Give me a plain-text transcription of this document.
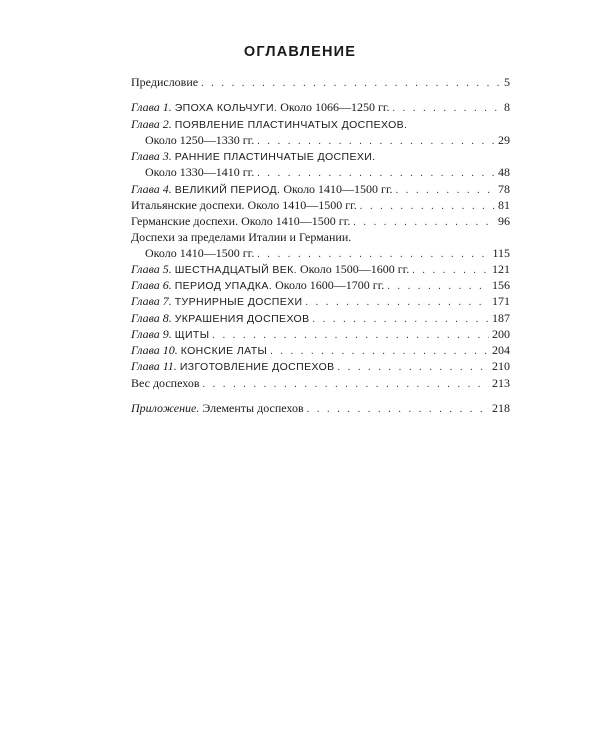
ОГЛАВЛЕНИЕ
Предисловие . . .	5
Глава 1. ЭПОХА КОЛЬЧУГИ. Около 1066—1250 гг. . . .	8
Глава 2. ПОЯВЛЕНИЕ ПЛАСТИНЧАТЫХ ДОСПЕХОВ.
Около 1250—1330 гг. . . .	29
Глава 3. РАННИЕ ПЛАСТИНЧАТЫЕ ДОСПЕХИ.
Около 1330—1410 гг. . . .	48
Глава 4. ВЕЛИКИЙ ПЕРИОД. Около 1410—1500 гг. . . .	78
Итальянские доспехи. Около 1410—1500 гг. . . .	81
Германские доспехи. Около 1410—1500 гг. . . .	96
Доспехи за пределами Италии и Германии.
Около 1410—1500 гг. . . .	115
Глава 5. ШЕСТНАДЦАТЫЙ ВЕК. Около 1500—1600 гг. . . .	121
Глава 6. ПЕРИОД УПАДКА. Около 1600—1700 гг. . . .	156
Глава 7. ТУРНИРНЫЕ ДОСПЕХИ . . .	171
Глава 8. УКРАШЕНИЯ ДОСПЕХОВ . . .	187
Глава 9. ЩИТЫ . . .	200
Глава 10. КОНСКИЕ ЛАТЫ . . .	204
Глава 11. ИЗГОТОВЛЕНИЕ ДОСПЕХОВ . . .	210
Вес доспехов . . .	213
Приложение. Элементы доспехов . . .	218
